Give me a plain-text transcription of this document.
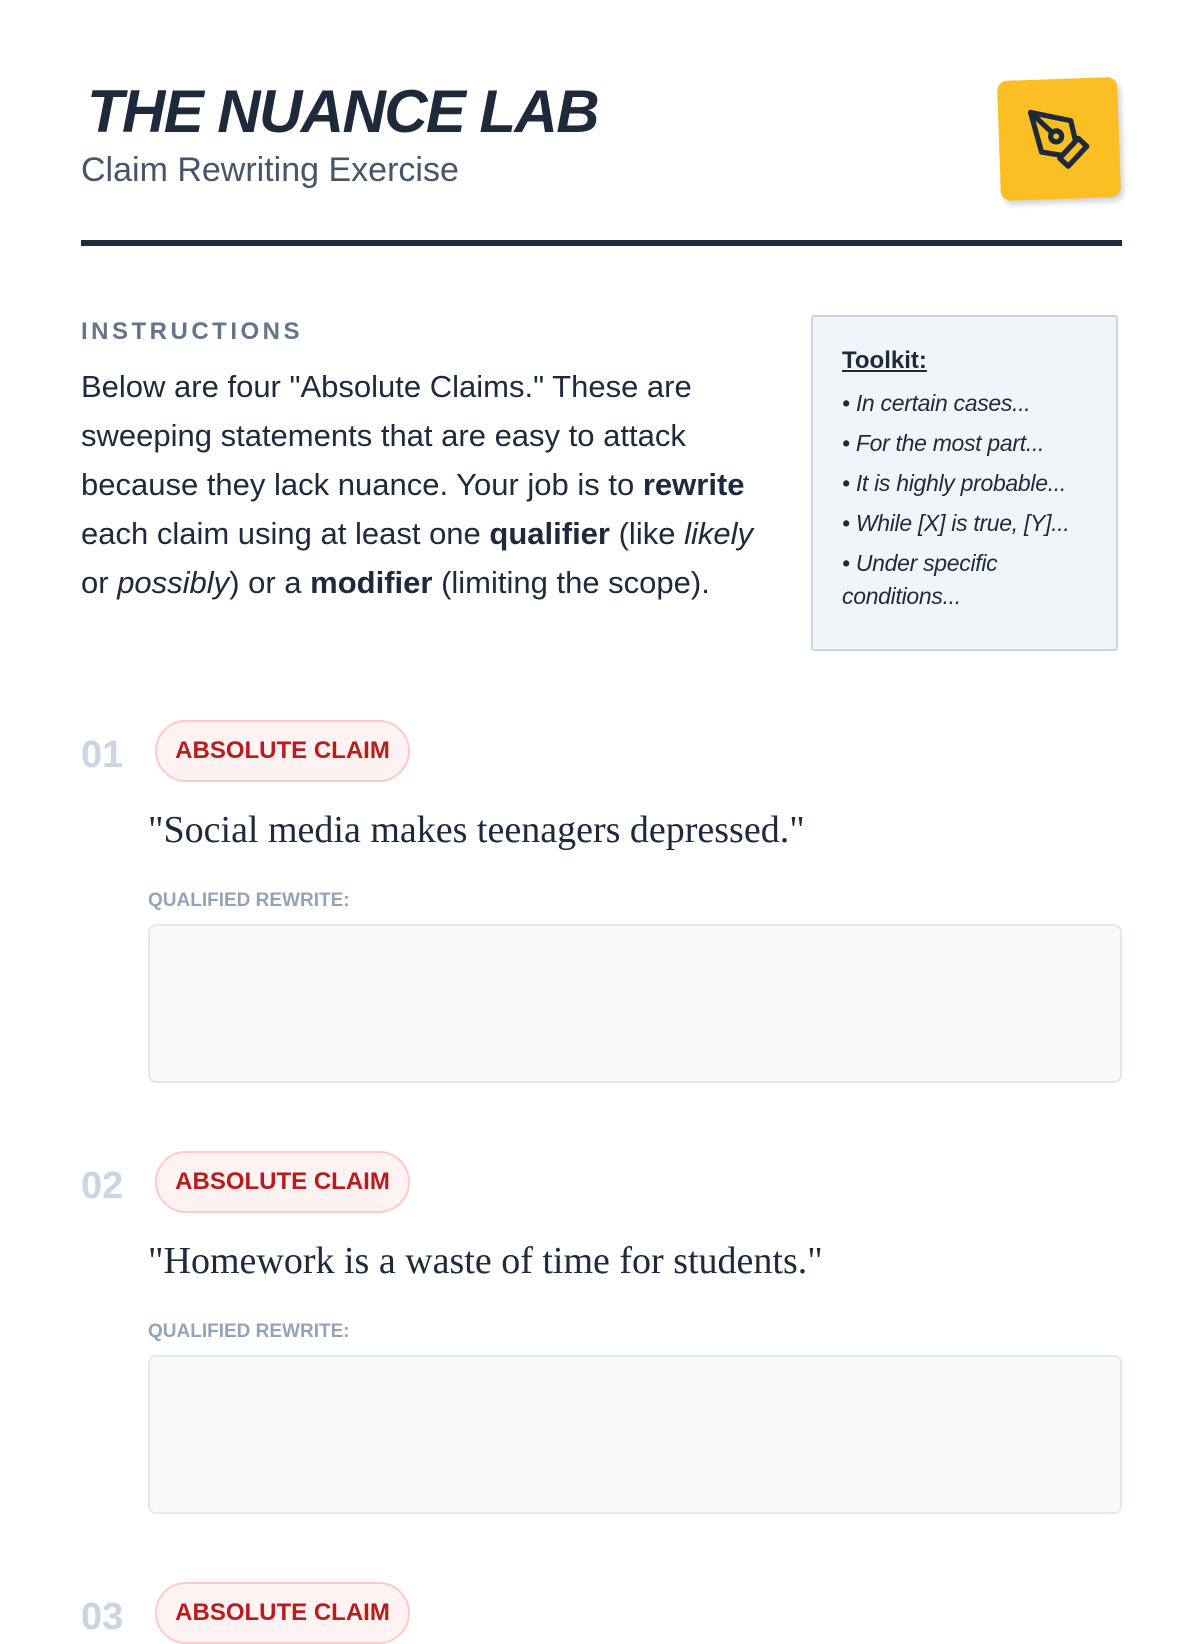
THE NUANCE LAB
Claim Rewriting Exercise
INSTRUCTIONS
Below are four "Absolute Claims." These are sweeping statements that are easy to attack because they lack nuance. Your job is to rewrite each claim using at least one qualifier (like likely or possibly) or a modifier (limiting the scope).
Toolkit:
• In certain cases...
• For the most part...
• It is highly probable...
• While [X] is true, [Y]...
• Under specific conditions...
01	ABSOLUTE CLAIM
"Social media makes teenagers depressed."
QUALIFIED REWRITE:
02	ABSOLUTE CLAIM
"Homework is a waste of time for students."
QUALIFIED REWRITE:
03	ABSOLUTE CLAIM
